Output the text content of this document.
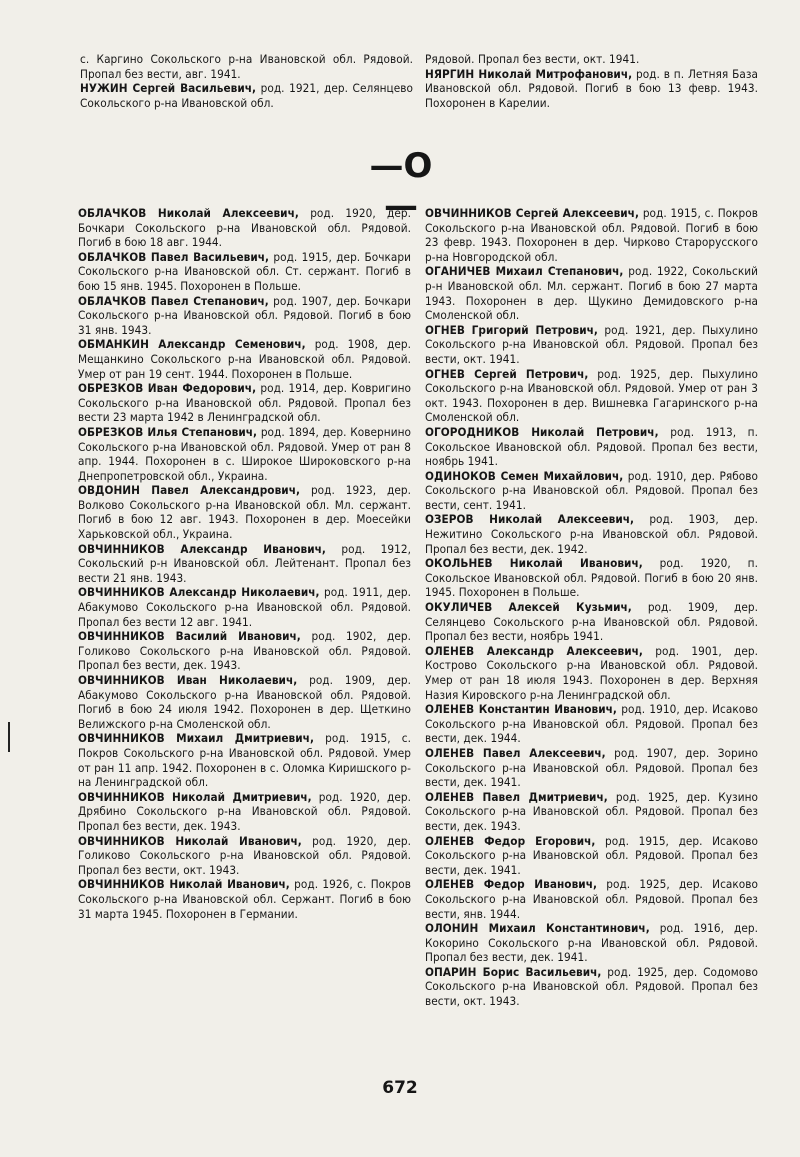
с. Каргино Сокольского р-на Ивановской обл. Рядовой. Пропал без вести, авг. 1941.

НУЖИН Сергей Васильевич, род. 1921, дер. Селянцево Сокольского р-на Ивановской обл.

Рядовой. Пропал без вести, окт. 1941.

НЯРГИН Николай Митрофанович, род. в п. Летняя База Ивановской обл. Рядовой. Погиб в бою 13 февр. 1943. Похоронен в Карелии.

—О—

ОБЛАЧКОВ Николай Алексеевич, род. 1920, дер. Бочкари Сокольского р-на Ивановской обл. Рядовой. Погиб в бою 18 авг. 1944.

ОБЛАЧКОВ Павел Васильевич, род. 1915, дер. Бочкари Сокольского р-на Ивановской обл. Ст. сержант. Погиб в бою 15 янв. 1945. Похоронен в Польше.

ОБЛАЧКОВ Павел Степанович, род. 1907, дер. Бочкари Сокольского р-на Ивановской обл. Рядовой. Погиб в бою 31 янв. 1943.

ОБМАНКИН Александр Семенович, род. 1908, дер. Мещанкино Сокольского р-на Ивановской обл. Рядовой. Умер от ран 19 сент. 1944. Похоронен в Польше.

ОБРЕЗКОВ Иван Федорович, род. 1914, дер. Ковригино Сокольского р-на Ивановской обл. Рядовой. Пропал без вести 23 марта 1942 в Ленинградской обл.

ОБРЕЗКОВ Илья Степанович, род. 1894, дер. Ковернино Сокольского р-на Ивановской обл. Рядовой. Умер от ран 8 апр. 1944. Похоронен в с. Широкое Широковского р-на Днепропетровской обл., Украина.

ОВДОНИН Павел Александрович, род. 1923, дер. Волково Сокольского р-на Ивановской обл. Мл. сержант. Погиб в бою 12 авг. 1943. Похоронен в дер. Моесейки Харьковской обл., Украина.

ОВЧИННИКОВ Александр Иванович, род. 1912, Сокольский р-н Ивановской обл. Лейтенант. Пропал без вести 21 янв. 1943.

ОВЧИННИКОВ Александр Николаевич, род. 1911, дер. Абакумово Сокольского р-на Ивановской обл. Рядовой. Пропал без вести 12 авг. 1941.

ОВЧИННИКОВ Василий Иванович, род. 1902, дер. Голиково Сокольского р-на Ивановской обл. Рядовой. Пропал без вести, дек. 1943.

ОВЧИННИКОВ Иван Николаевич, род. 1909, дер. Абакумово Сокольского р-на Ивановской обл. Рядовой. Погиб в бою 24 июля 1942. Похоронен в дер. Щеткино Велижского р-на Смоленской обл.

ОВЧИННИКОВ Михаил Дмитриевич, род. 1915, с. Покров Сокольского р-на Ивановской обл. Рядовой. Умер от ран 11 апр. 1942. Похоронен в с. Оломка Киришского р-на Ленинградской обл.

ОВЧИННИКОВ Николай Дмитриевич, род. 1920, дер. Дрябино Сокольского р-на Ивановской обл. Рядовой. Пропал без вести, дек. 1943.

ОВЧИННИКОВ Николай Иванович, род. 1920, дер. Голиково Сокольского р-на Ивановской обл. Рядовой. Пропал без вести, окт. 1943.

ОВЧИННИКОВ Николай Иванович, род. 1926, с. Покров Сокольского р-на Ивановской обл. Сержант. Погиб в бою 31 марта 1945. Похоронен в Германии.

ОВЧИННИКОВ Сергей Алексеевич, род. 1915, с. Покров Сокольского р-на Ивановской обл. Рядовой. Погиб в бою 23 февр. 1943. Похоронен в дер. Чирково Старорусского р-на Новгородской обл.

ОГАНИЧЕВ Михаил Степанович, род. 1922, Сокольский р-н Ивановской обл. Мл. сержант. Погиб в бою 27 марта 1943. Похоронен в дер. Щукино Демидовского р-на Смоленской обл.

ОГНЕВ Григорий Петрович, род. 1921, дер. Пыхулино Сокольского р-на Ивановской обл. Рядовой. Пропал без вести, окт. 1941.

ОГНЕВ Сергей Петрович, род. 1925, дер. Пыхулино Сокольского р-на Ивановской обл. Рядовой. Умер от ран 3 окт. 1943. Похоронен в дер. Вишневка Гагаринского р-на Смоленской обл.

ОГОРОДНИКОВ Николай Петрович, род. 1913, п. Сокольское Ивановской обл. Рядовой. Пропал без вести, ноябрь 1941.

ОДИНОКОВ Семен Михайлович, род. 1910, дер. Рябово Сокольского р-на Ивановской обл. Рядовой. Пропал без вести, сент. 1941.

ОЗЕРОВ Николай Алексеевич, род. 1903, дер. Нежитино Сокольского р-на Ивановской обл. Рядовой. Пропал без вести, дек. 1942.

ОКОЛЬНЕВ Николай Иванович, род. 1920, п. Сокольское Ивановской обл. Рядовой. Погиб в бою 20 янв. 1945. Похоронен в Польше.

ОКУЛИЧЕВ Алексей Кузьмич, род. 1909, дер. Селянцево Сокольского р-на Ивановской обл. Рядовой. Пропал без вести, ноябрь 1941.

ОЛЕНЕВ Александр Алексеевич, род. 1901, дер. Кострово Сокольского р-на Ивановской обл. Рядовой. Умер от ран 18 июля 1943. Похоронен в дер. Верхняя Назия Кировского р-на Ленинградской обл.

ОЛЕНЕВ Константин Иванович, род. 1910, дер. Исаково Сокольского р-на Ивановской обл. Рядовой. Пропал без вести, дек. 1944.

ОЛЕНЕВ Павел Алексеевич, род. 1907, дер. Зорино Сокольского р-на Ивановской обл. Рядовой. Пропал без вести, дек. 1941.

ОЛЕНЕВ Павел Дмитриевич, род. 1925, дер. Кузино Сокольского р-на Ивановской обл. Рядовой. Пропал без вести, дек. 1943.

ОЛЕНЕВ Федор Егорович, род. 1915, дер. Исаково Сокольского р-на Ивановской обл. Рядовой. Пропал без вести, дек. 1941.

ОЛЕНЕВ Федор Иванович, род. 1925, дер. Исаково Сокольского р-на Ивановской обл. Рядовой. Пропал без вести, янв. 1944.

ОЛОНИН Михаил Константинович, род. 1916, дер. Кокорино Сокольского р-на Ивановской обл. Рядовой. Пропал без вести, дек. 1941.

ОПАРИН Борис Васильевич, род. 1925, дер. Содомово Сокольского р-на Ивановской обл. Рядовой. Пропал без вести, окт. 1943.

672
